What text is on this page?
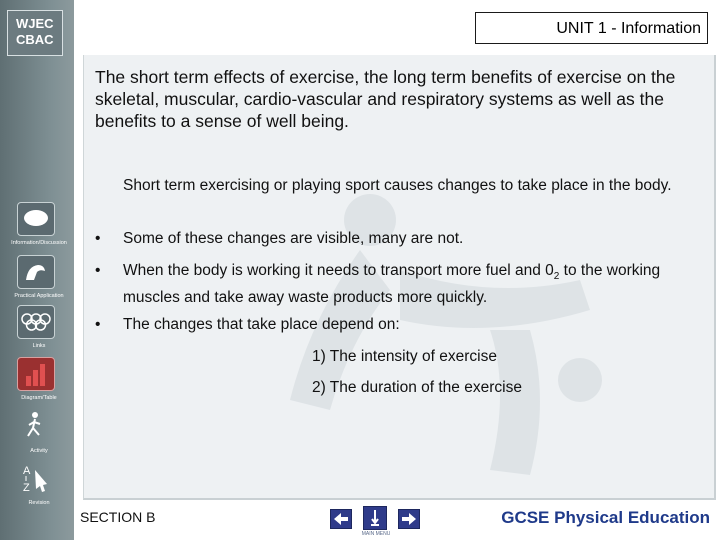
WJEC
CBAC
Information/Discussion
Practical Application
Links
Diagram/Table
Activity
A
Z
Revision
UNIT 1 - Information
The short term effects of exercise, the long term benefits of exercise on the skeletal, muscular, cardio-vascular and respiratory systems as well as the benefits to a sense of well being.
Short term exercising or playing sport causes changes to take place in the body.
• Some of these changes are visible, many are not.
• When the body is working it needs to transport more fuel and $0_2$ to the working muscles and take away waste products more quickly.
• The changes that take place depend on:
1) The intensity of exercise
2) The duration of the exercise
SECTION B
MAIN MENU
GCSE Physical Education
